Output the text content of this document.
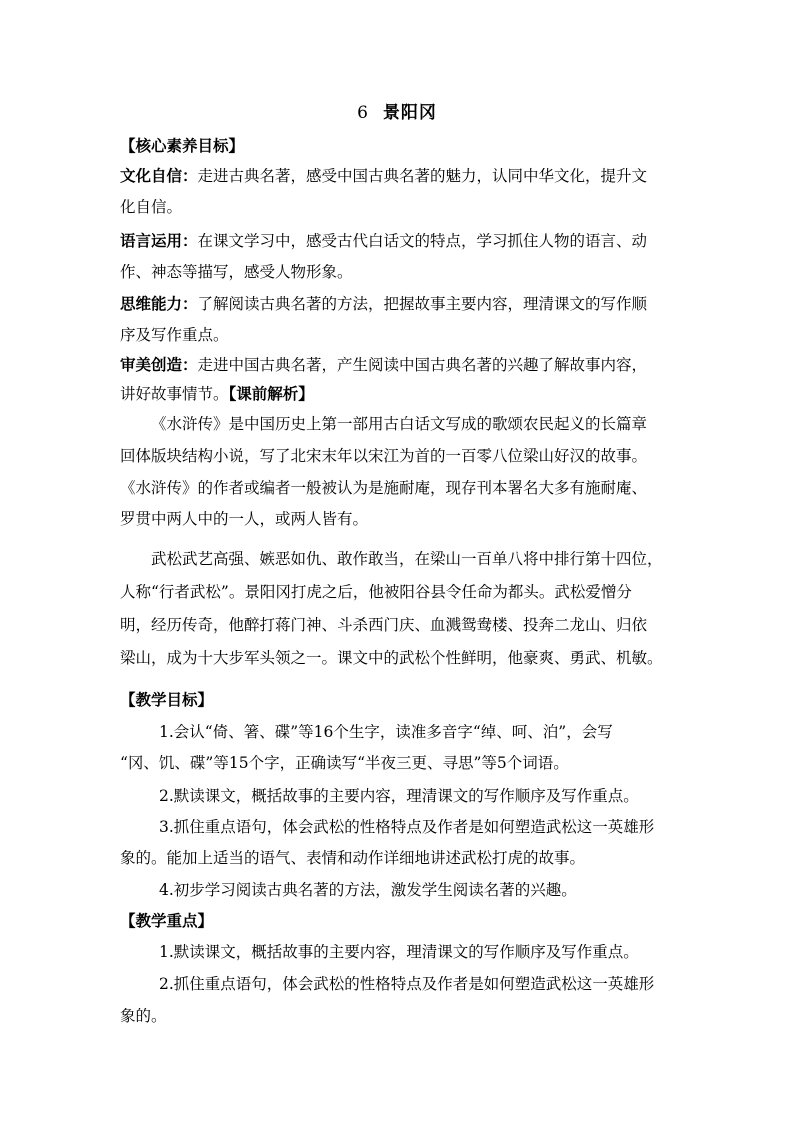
6 景阳冈
【核心素养目标】
文化自信：走进古典名著，感受中国古典名著的魅力，认同中华文化，提升文
化自信。
语言运用：在课文学习中，感受古代白话文的特点，学习抓住人物的语言、动
作、神态等描写，感受人物形象。
思维能力：了解阅读古典名著的方法，把握故事主要内容，理清课文的写作顺
序及写作重点。
审美创造：走进中国古典名著，产生阅读中国古典名著的兴趣了解故事内容，
讲好故事情节。【课前解析】
《水浒传》是中国历史上第一部用古白话文写成的歌颂农民起义的长篇章
回体版块结构小说，写了北宋末年以宋江为首的一百零八位梁山好汉的故事。
《水浒传》的作者或编者一般被认为是施耐庵，现存刊本署名大多有施耐庵、
罗贯中两人中的一人，或两人皆有。
武松武艺高强、嫉恶如仇、敢作敢当，在梁山一百单八将中排行第十四位，
人称“行者武松”。景阳冈打虎之后，他被阳谷县令任命为都头。武松爱憎分
明，经历传奇，他醉打蒋门神、斗杀西门庆、血溅鸳鸯楼、投奔二龙山、归依
梁山，成为十大步军头领之一。课文中的武松个性鲜明，他豪爽、勇武、机敏。
【教学目标】
1.会认“倚、箸、碟”等16个生字，读准多音字“绰、呵、泊”，会写
“冈、饥、碟”等15个字，正确读写“半夜三更、寻思”等5个词语。
2.默读课文，概括故事的主要内容，理清课文的写作顺序及写作重点。
3.抓住重点语句，体会武松的性格特点及作者是如何塑造武松这一英雄形
象的。能加上适当的语气、表情和动作详细地讲述武松打虎的故事。
4.初步学习阅读古典名著的方法，激发学生阅读名著的兴趣。
【教学重点】
1.默读课文，概括故事的主要内容，理清课文的写作顺序及写作重点。
2.抓住重点语句，体会武松的性格特点及作者是如何塑造武松这一英雄形
象的。
